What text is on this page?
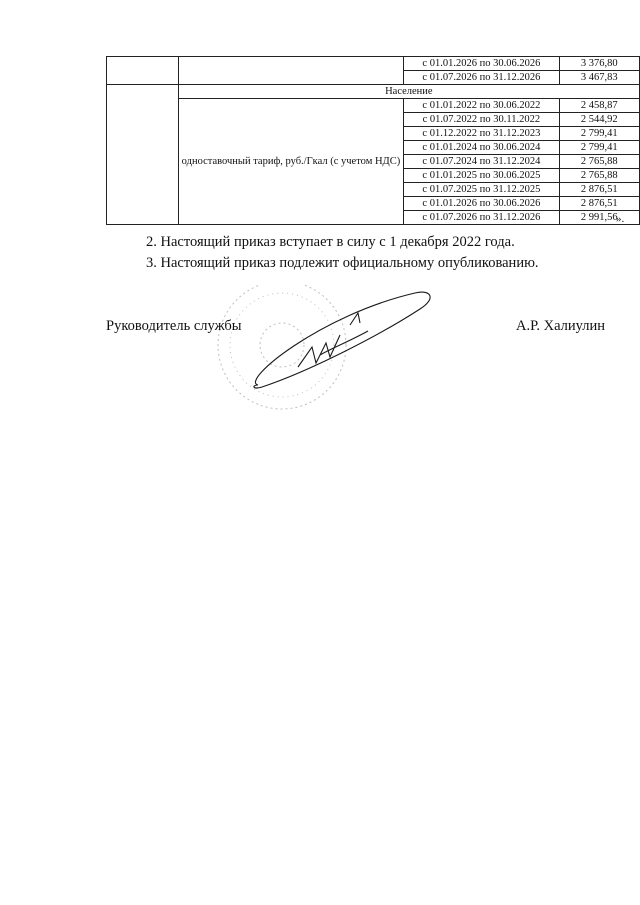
		с 01.01.2026 по 30.06.2026	3 376,80
		с 01.07.2026 по 31.12.2026	3 467,83
	Население		
	одноставочный тариф, руб./Гкал (с учетом НДС)	с 01.01.2022 по 30.06.2022	2 458,87
		с 01.07.2022 по 30.11.2022	2 544,92
		с 01.12.2022 по 31.12.2023	2 799,41
		с 01.01.2024 по 30.06.2024	2 799,41
		с 01.07.2024 по 31.12.2024	2 765,88
		с 01.01.2025 по 30.06.2025	2 765,88
		с 01.07.2025 по 31.12.2025	2 876,51
		с 01.01.2026 по 30.06.2026	2 876,51
		с 01.07.2026 по 31.12.2026	2 991,56
».
2. Настоящий приказ вступает в силу с 1 декабря 2022 года.
3. Настоящий приказ подлежит официальному опубликованию.
Руководитель службы	А.Р. Халиулин
